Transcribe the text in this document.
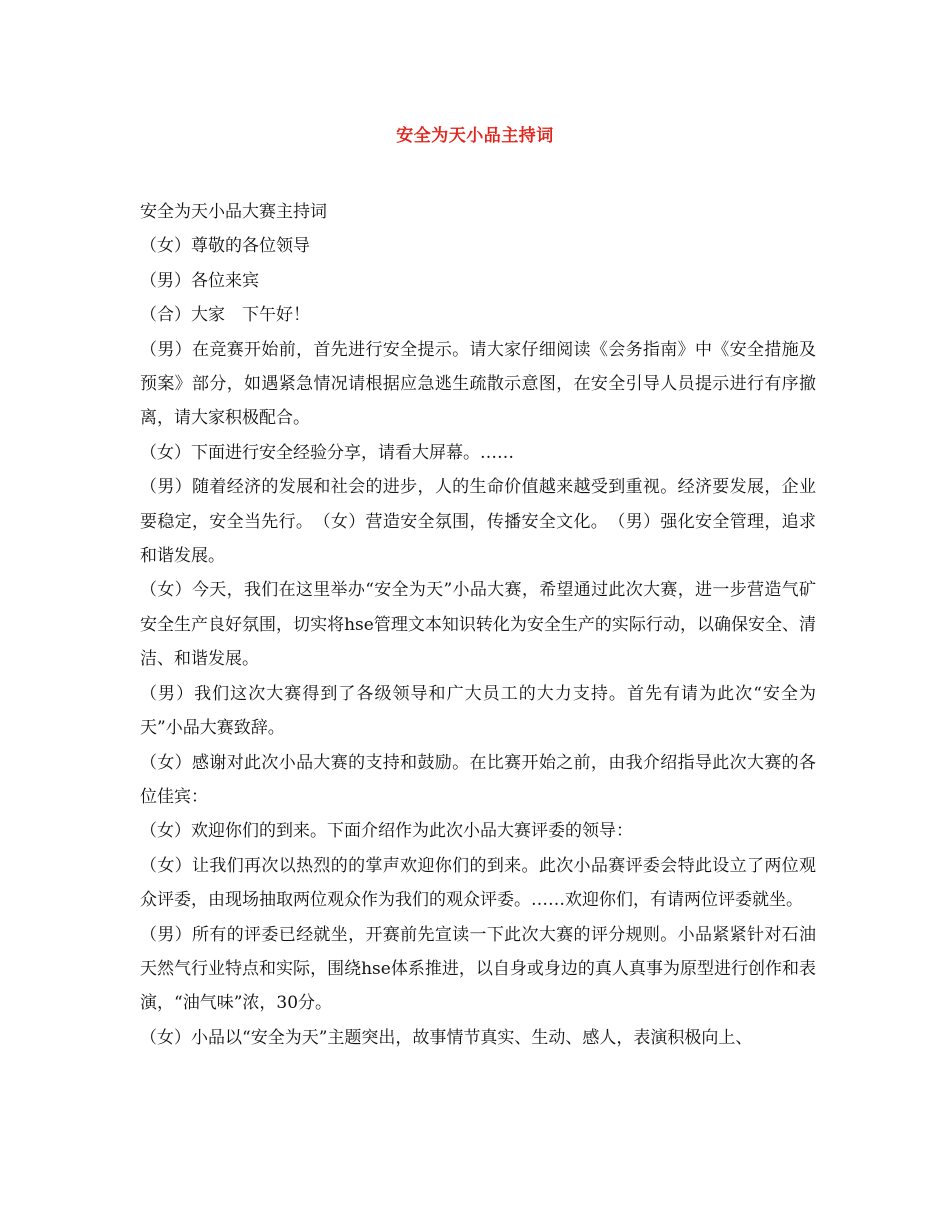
安全为天小品主持词

安全为天小品大赛主持词

（女）尊敬的各位领导

（男）各位来宾

（合）大家　下午好！

（男）在竞赛开始前，首先进行安全提示。请大家仔细阅读《会务指南》中《安全措施及预案》部分，如遇紧急情况请根据应急逃生疏散示意图，在安全引导人员提示进行有序撤离，请大家积极配合。

（女）下面进行安全经验分享，请看大屏幕。……

（男）随着经济的发展和社会的进步，人的生命价值越来越受到重视。经济要发展，企业要稳定，安全当先行。　（女）营造安全氛围，传播安全文化。　（男）强化安全管理，追求和谐发展。

（女）今天，我们在这里举办“安全为天”小品大赛，希望通过此次大赛，进一步营造气矿安全生产良好氛围，切实将hse管理文本知识转化为安全生产的实际行动，以确保安全、清洁、和谐发展。

（男）我们这次大赛得到了各级领导和广大员工的大力支持。首先有请为此次“安全为天”小品大赛致辞。

（女）感谢对此次小品大赛的支持和鼓励。在比赛开始之前，由我介绍指导此次大赛的各位佳宾：

（女）欢迎你们的到来。下面介绍作为此次小品大赛评委的领导：

（女）让我们再次以热烈的的掌声欢迎你们的到来。此次小品赛评委会特此设立了两位观众评委，由现场抽取两位观众作为我们的观众评委。……欢迎你们，有请两位评委就坐。

（男）所有的评委已经就坐，开赛前先宣读一下此次大赛的评分规则。小品紧紧针对石油天然气行业特点和实际，围绕hse体系推进，以自身或身边的真人真事为原型进行创作和表演，“油气味”浓，30分。

（女）小品以“安全为天”主题突出，故事情节真实、生动、感人，表演积极向上、
